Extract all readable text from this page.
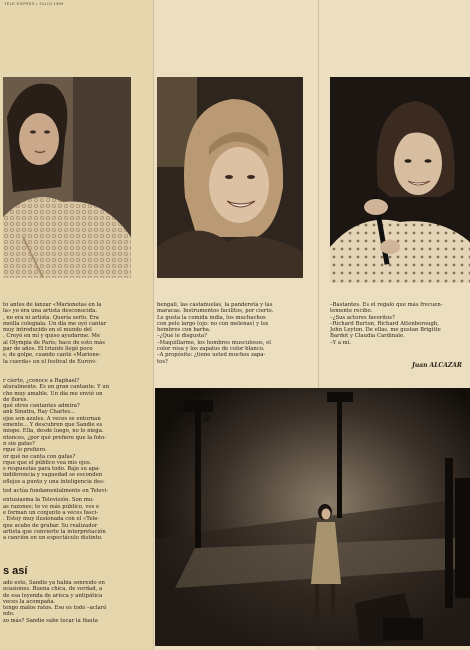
TELE EXPRES • JULIO 1969

to antes de lanzar «Marionetas en la

la» yo era una artista desconocida.

, no era ni artista. Quería serlo. Era

meilla colegiala. Un día me oyó cantar

muy introducido en el mundo del

. Creyó en mí y quiso ayudarme. Me

al Olympia de París; hace de esto más

par de años. El triunfo llegó poco

s, de golpe, cuando canté «Marione-

la cuerda» en el festival de Eurovi-

r cierto, ¿conoce a Raphael?

aturalmente. Es un gran cantante. Y un

cho muy amable. Un día me envió un

de flores.

qué otros cantantes admira?

ank Sinatra, Ray Charles...

ojos son azules. A veces se entornan

emente... Y descubren que Sandie es

miope. Ella, desde luego, no lo niega.

ntonces, ¿por qué prefiere que la foto-

n sin gafas?

rque lo prefiero.

or qué no canta con gafas?

rque que el público vea mis ojos.

s respuestas para todo. Bajo su apa-

indiferencia y vaguedad se esconden

eflejos a punto y una inteligencia des-

ted actúa fundamentalmente en Televi-

entusiasma la Televisión. Son mu-

as razones: te ve más público, vos e

e forman un conjunto a veces fasci-

. Estoy muy ilusionada con el «Tele-

que acabo de grabar. Su realizador

artista que convierte la interpretación

a canción en un espectáculo distinto.

s así

ado esto, Sandie ya había sonreído en

ocasiones. Buena chica, de verdad, a

de esa leyenda de ariscа y antipática

veces la acompaña.

tengo malos ratos. Eso es todo –aclaró

ndo.

zo más? Sandie sabe tocar la flauta

bengali, las castañuelas, la pandereta y las

maracas. Instrumentos facilitos, por cierto.

Le gusta la comida india, los muchachos

con pelo largo (ojo: no con melenas) y los

hombres con barba.

–¿Qué le disgusta?

–Maquillarme, los hombres musculosos, el

color rosa y los zapatos de color blanco.

–A propósito: ¿tiene usted muchos zapa-

tos?

–Bastantes. Es el regalo que más frecuen-

temente recibo.

–¿Sus actores favoritos?

–Richard Burton, Richard Attenborough,

John Leyton. De ellas, me gustan Brigitte

Bardot y Claudia Cardinale.

–Y a mí.

Juan ALCAZAR
